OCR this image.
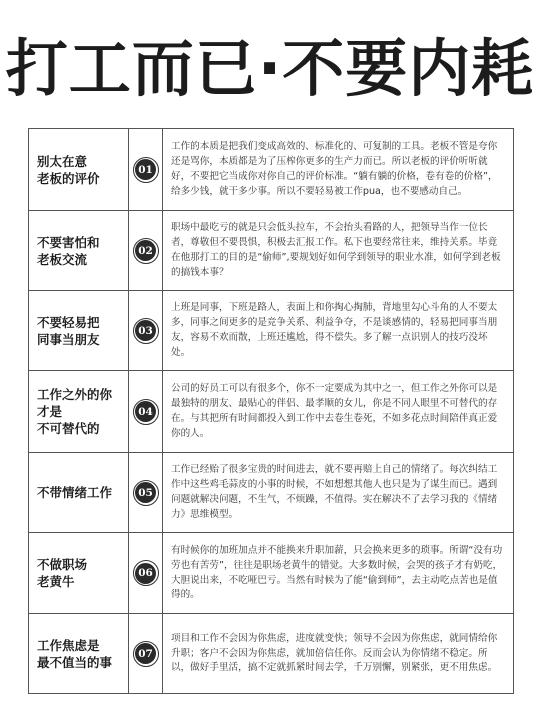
打工而已·不要内耗
别太在意
老板的评价
01

工作的本质是把我们变成高效的、标准化的、可复制的工具。老板不管是夸你还是骂你，本质都是为了压榨你更多的生产力而已。所以老板的评价听听就好，不要把它当成你对你自己的评价标准。“躺有躺的价格，卷有卷的价格”，给多少钱，就干多少事。所以不要轻易被工作pua，也不要感动自己。

不要害怕和
老板交流
02

职场中最吃亏的就是只会低头拉车，不会抬头看路的人，把领导当作一位长者，尊敬但不要畏惧，积极去汇报工作。私下也要经常往来，维持关系。毕竟在他那打工的目的是“偷师”,要规划好如何学到领导的职业水准，如何学到老板的搞钱本事？

不要轻易把
同事当朋友
03

上班是同事，下班是路人，表面上和你掏心掏肺，背地里勾心斗角的人不要太多，同事之间更多的是竞争关系、利益争夺，不是谈感情的，轻易把同事当朋友，容易不欢而散，上班还尴尬，得不偿失。多了解一点识别人的技巧没坏处。

工作之外的你
才是
不可替代的
04

公司的好员工可以有很多个，你不一定要成为其中之一，但工作之外你可以是最独特的朋友、最贴心的伴侣、最孝顺的女儿，你是不同人眼里不可替代的存在。与其把所有时间都投入到工作中去卷生卷死，不如多花点时间陪伴真正爱你的人。

不带情绪工作	05

工作已经贻了很多宝贵的时间进去，就不要再赔上自己的情绪了。每次纠结工作中这些鸡毛蒜皮的小事的时候，不如想想其他人也只是为了谋生而已。遇到问题就解决问题，不生气，不烦躁，不值得。实在解决不了去学习我的《情绪力》思维模型。

不做职场
老黄牛
06

有时候你的加班加点并不能换来升职加薪，只会换来更多的琐事。所谓“没有功劳也有苦劳”，往往是职场老黄牛的错觉。大多数时候，会哭的孩子才有奶吃，大胆说出来，不吃哑巴亏。当然有时候为了能“偷到师”，去主动吃点苦也是值得的。

工作焦虑是
最不值当的事
07

项目和工作不会因为你焦虑，进度就变快；领导不会因为你焦虑，就同情给你升职；客户不会因为你焦虑，就加倍信任你。反而会认为你情绪不稳定。所以，做好手里活，搞不定就抓紧时间去学，千万别懈，别紧张，更不用焦虑。
